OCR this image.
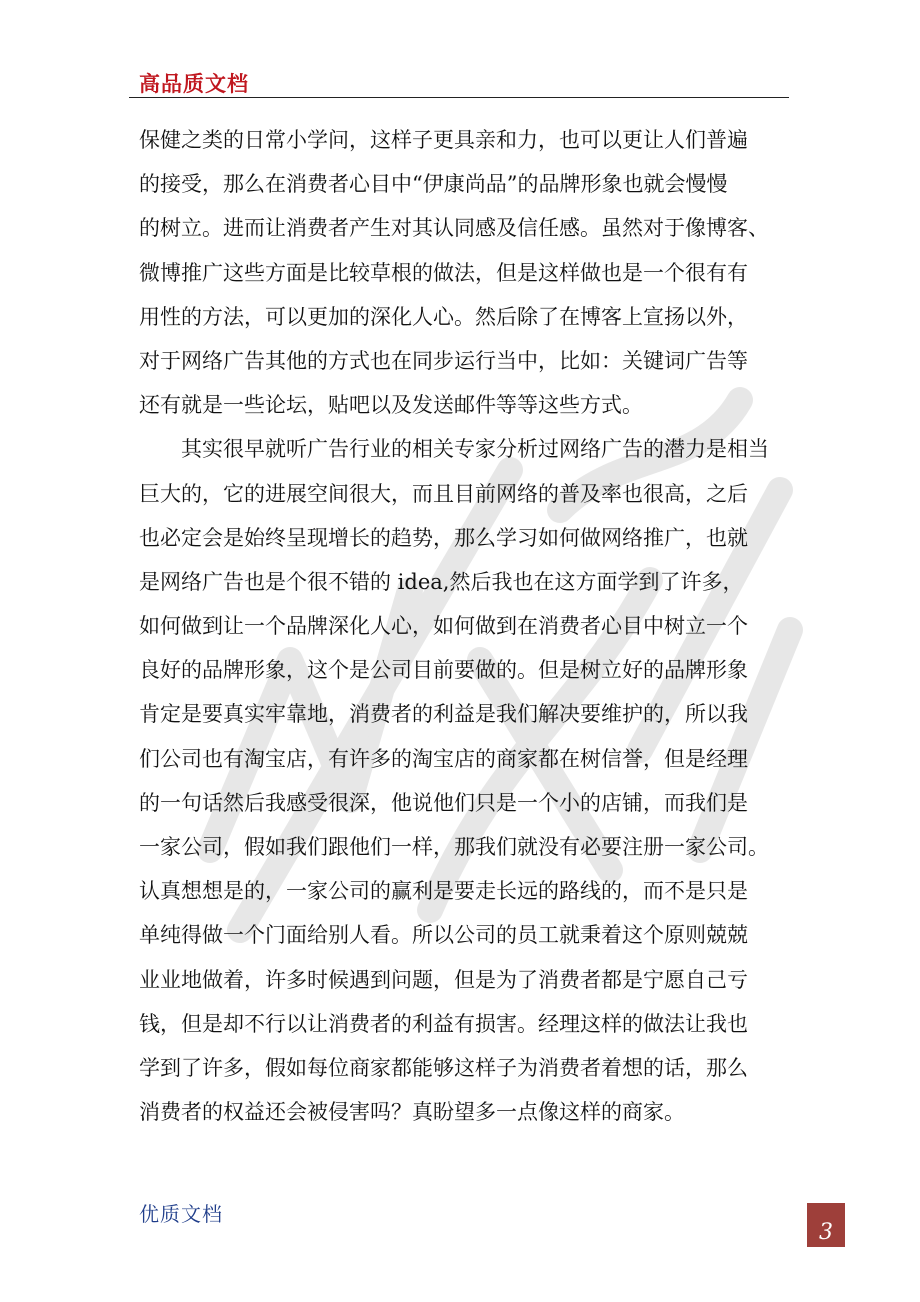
高品质文档
保健之类的日常小学问，这样子更具亲和力，也可以更让人们普遍
的接受，那么在消费者心目中“伊康尚品”的品牌形象也就会慢慢
的树立。进而让消费者产生对其认同感及信任感。虽然对于像博客、
微博推广这些方面是比较草根的做法，但是这样做也是一个很有有
用性的方法，可以更加的深化人心。然后除了在博客上宣扬以外，
对于网络广告其他的方式也在同步运行当中，比如：关键词广告等
还有就是一些论坛，贴吧以及发送邮件等等这些方式。
　　其实很早就听广告行业的相关专家分析过网络广告的潜力是相当
巨大的，它的进展空间很大，而且目前网络的普及率也很高，之后
也必定会是始终呈现增长的趋势，那么学习如何做网络推广，也就
是网络广告也是个很不错的 idea,然后我也在这方面学到了许多，
如何做到让一个品牌深化人心，如何做到在消费者心目中树立一个
良好的品牌形象，这个是公司目前要做的。但是树立好的品牌形象
肯定是要真实牢靠地，消费者的利益是我们解决要维护的，所以我
们公司也有淘宝店，有许多的淘宝店的商家都在树信誉，但是经理
的一句话然后我感受很深，他说他们只是一个小的店铺，而我们是
一家公司，假如我们跟他们一样，那我们就没有必要注册一家公司。
认真想想是的，一家公司的赢利是要走长远的路线的，而不是只是
单纯得做一个门面给别人看。所以公司的员工就秉着这个原则兢兢
业业地做着，许多时候遇到问题，但是为了消费者都是宁愿自己亏
钱，但是却不行以让消费者的利益有损害。经理这样的做法让我也
学到了许多，假如每位商家都能够这样子为消费者着想的话，那么
消费者的权益还会被侵害吗？真盼望多一点像这样的商家。
优质文档
3
